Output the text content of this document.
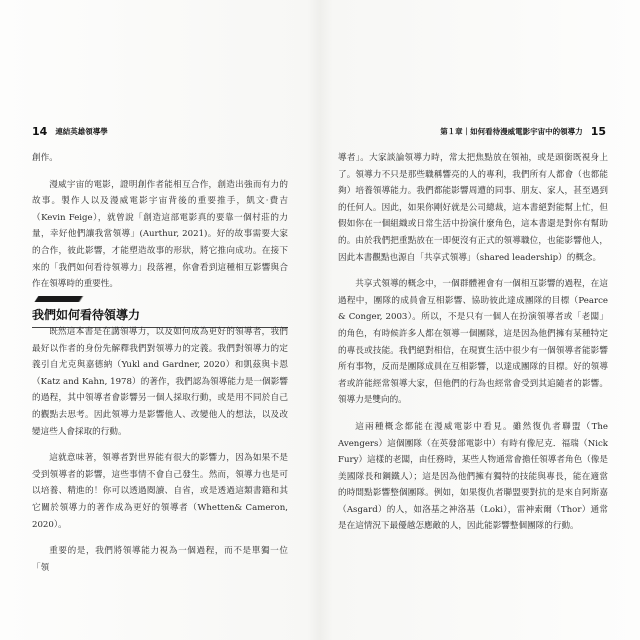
14 連結英雄領導學	第１章｜如何看待漫威電影宇宙中的領導力 15

創作。

漫威宇宙的電影，證明創作者能相互合作，創造出強而有力的故事。製作人以及漫威電影宇宙背後的重要推手，凱文·費吉（Kevin Feige），就曾說「創造這部電影真的要靠一個村莊的力量，幸好他們讓我當領導」(Aurthur, 2021)。好的故事需要大家的合作，彼此影響，才能塑造故事的形狀，將它推向成功。在接下來的「我們如何看待領導力」段落裡，你會看到這種相互影響與合作在領導時的重要性。

我們如何看待領導力

既然這本書是在講領導力，以及如何成為更好的領導者，我們最好以作者的身份先解釋我們對領導力的定義。我們對領導力的定義引自尤克與嘉德納（Yukl and Gardner, 2020）和凱茲與卡恩（Katz and Kahn, 1978）的著作，我們認為領導能力是一個影響的過程，其中領導者會影響另一個人採取行動，或是用不同於自己的觀點去思考。因此領導力是影響他人、改變他人的想法，以及改變這些人會採取的行動。

這就意味著，領導者對世界能有很大的影響力，因為如果不是受到領導者的影響，這些事情不會自己發生。然而，領導力也是可以培養、精進的！你可以透過閱讀、自省，或是透過這類書籍和其它關於領導力的著作成為更好的領導者（Whetten& Cameron, 2020）。

重要的是，我們將領導能力視為一個過程，而不是單獨一位「領

導者」。大家談論領導力時，常太把焦點放在領袖，或是頭銜既視身上了。領導力不只是那些職稱響亮的人的專利，我們所有人都會（也都能夠）培養領導能力。我們都能影響周遭的同事、朋友、家人，甚至遇到的任何人。因此，如果你剛好就是公司總裁，這本書絕對能幫上忙，但假如你在一個組織或日常生活中扮演什麼角色，這本書還是對你有幫助的。由於我們把重點放在一即便沒有正式的領導職位，也能影響他人，因此本書觀點也源自「共享式領導」（shared leadership）的概念。

共享式領導的概念中，一個群體裡會有一個相互影響的過程，在這過程中，團隊的成員會互相影響、協助彼此達成團隊的目標（Pearce & Conger, 2003）。所以，不是只有一個人在扮演領導者或「老闆」的角色，有時候許多人都在領導一個團隊，這是因為他們擁有某種特定的專長或技能。我們絕對相信，在現實生活中很少有一個領導者能影響所有事物，反而是團隊成員在互相影響，以達成團隊的目標。好的領導者或許能經常領導大家，但他們的行為也經常會受到其追隨者的影響。領導力是雙向的。

這兩種概念都能在漫威電影中看見。雖然復仇者聯盟（The Avengers）這個團隊（在英發部電影中）有時有像尼克．福瑞（Nick Fury）這樣的老闆，由任務時，某些人物通常會擔任領導者角色（像是美國隊長和鋼鐵人）；這是因為他們擁有獨特的技能與專長，能在適當的時間點影響整個團隊。例如，如果復仇者聯盟要對抗的是來自阿斯嘉（Asgard）的人，如洛基之神洛基（Loki），雷神索爾（Thor）通常是在這情況下最優越怎應敵的人，因此能影響整個團隊的行動。
